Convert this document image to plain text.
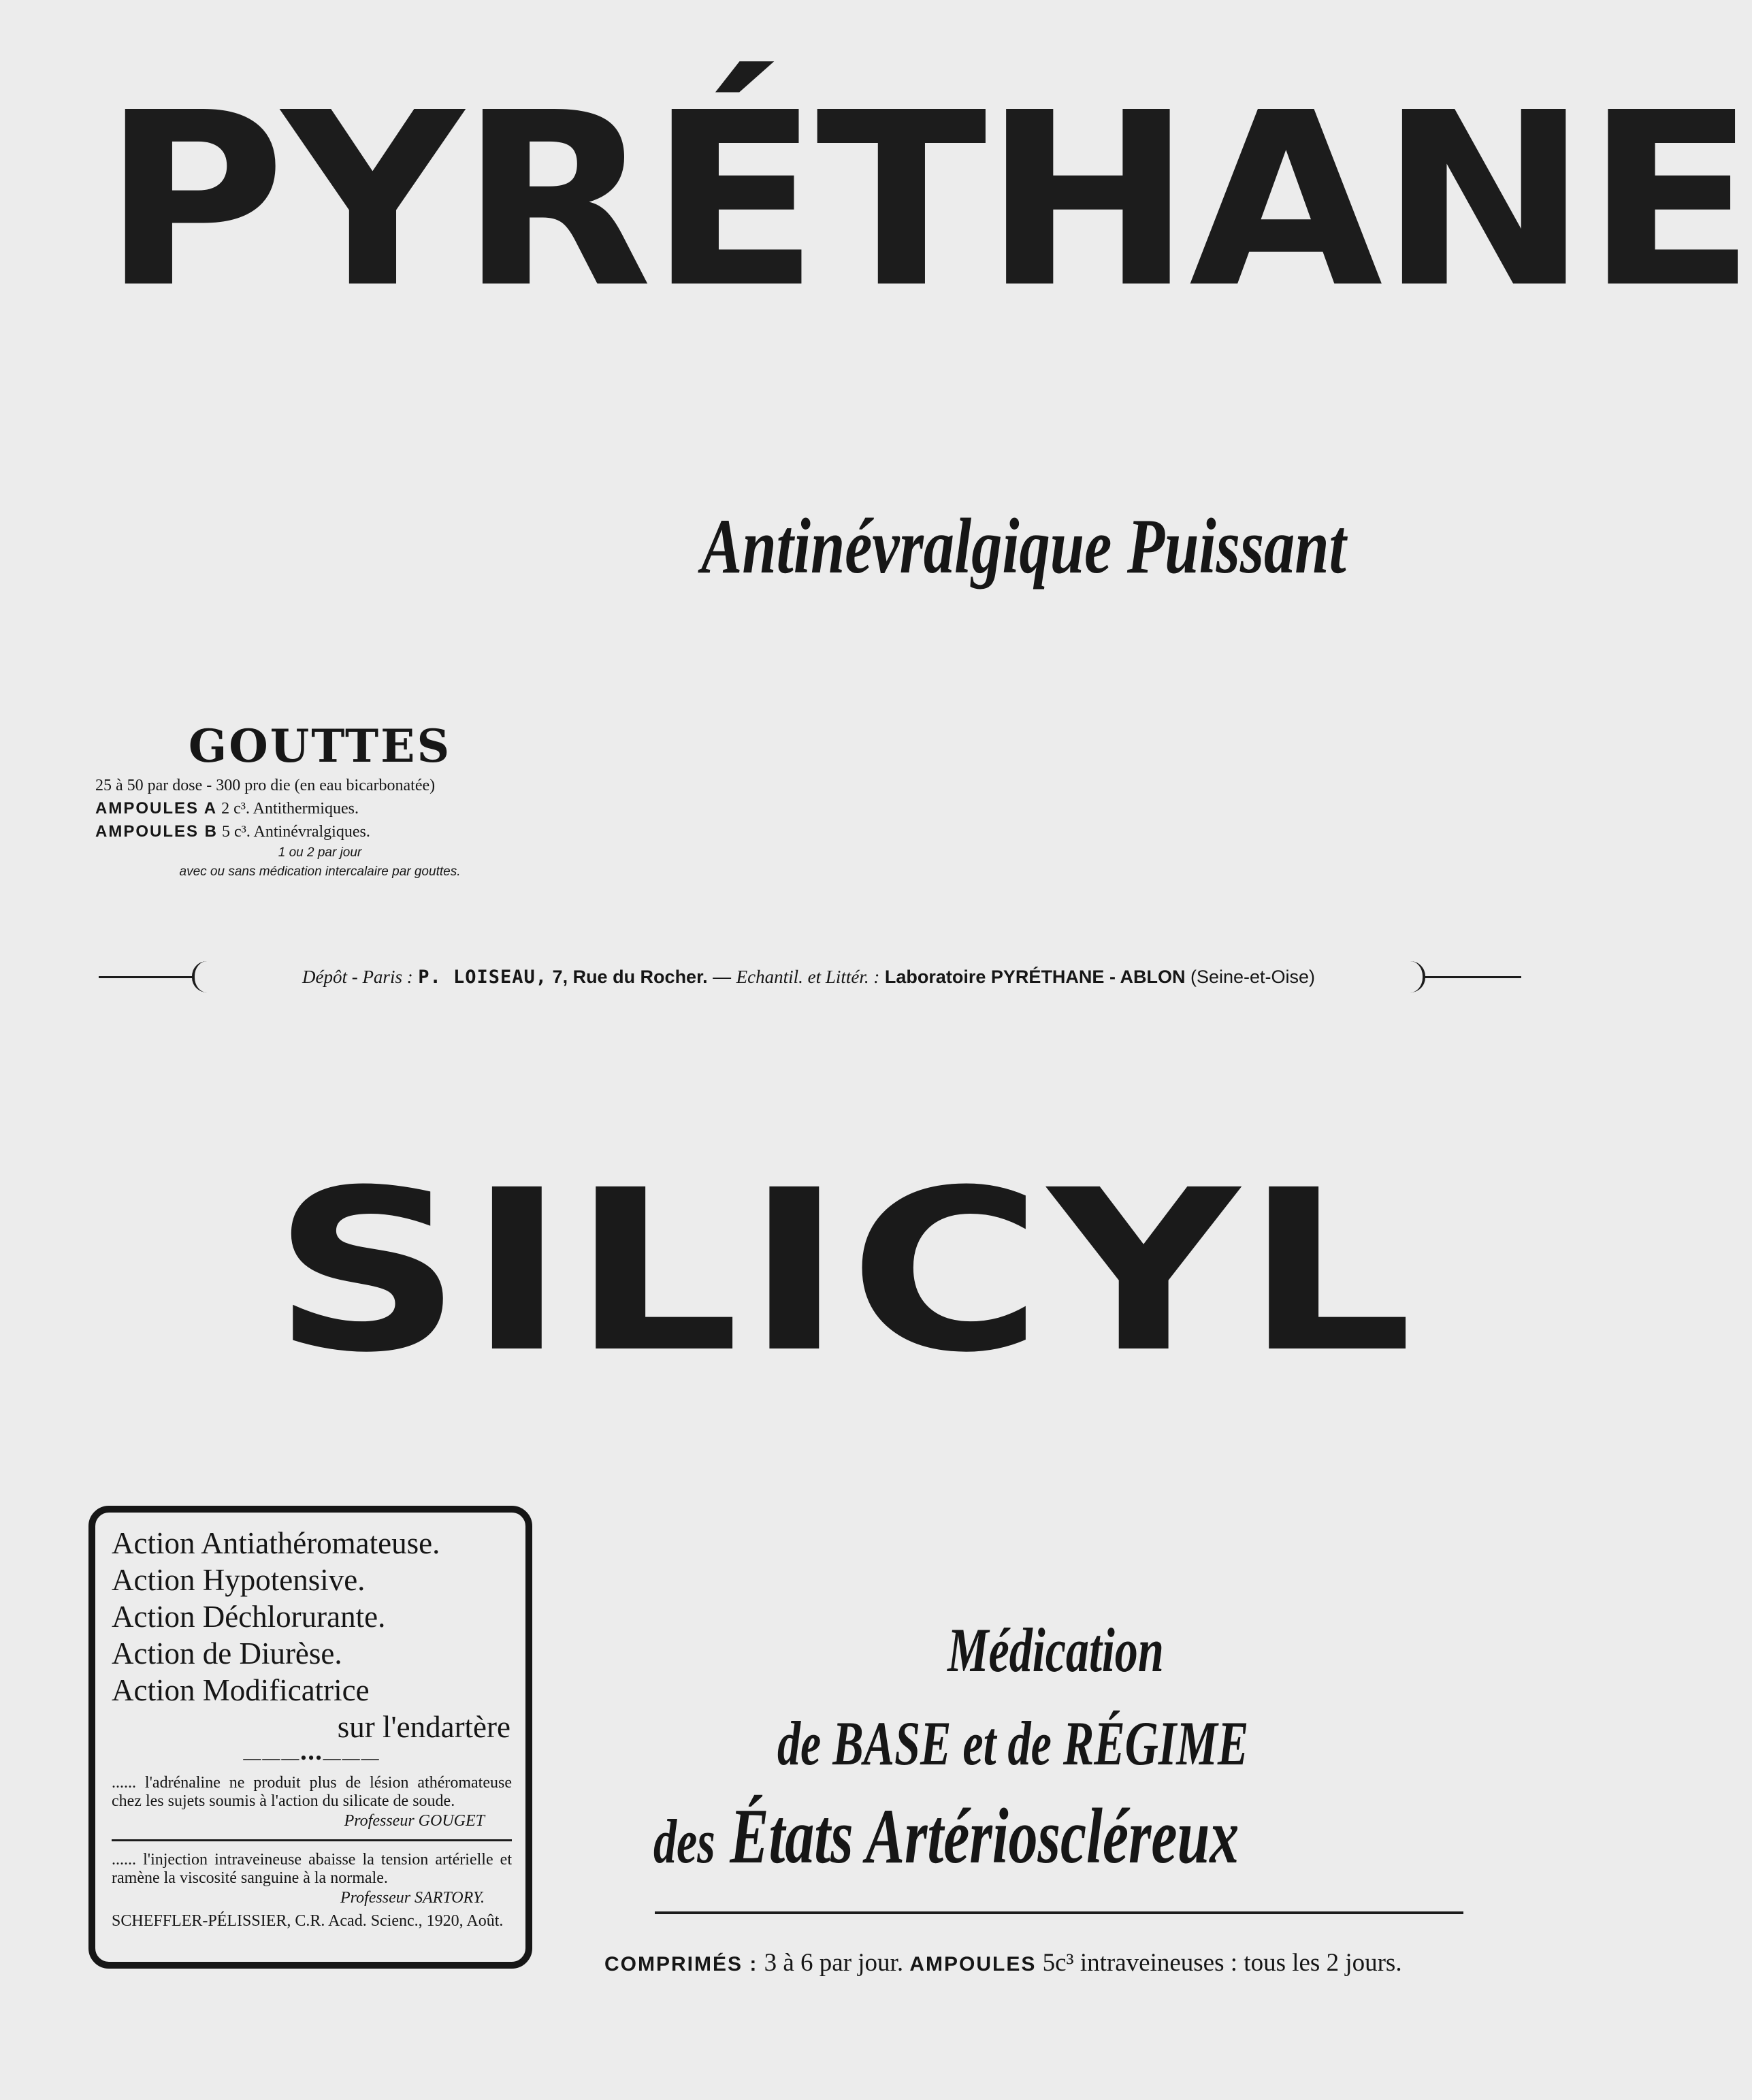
PYRÉTHANE
Antinévralgique Puissant
GOUTTES
25 à 50 par dose - 300 pro die (en eau bicarbonatée)
AMPOULES A 2 c³. Antithermiques.
AMPOULES B 5 c³. Antinévralgiques.
1 ou 2 par jour
avec ou sans médication intercalaire par gouttes.
Dépôt - Paris : P. LOISEAU, 7, Rue du Rocher. — Echantil. et Littér. : Laboratoire PYRÉTHANE - ABLON (Seine-et-Oise)
SILICYL
Action Antiathéromateuse.
Action Hypotensive.
Action Déchlorurante.
Action de Diurèse.
Action Modificatrice
sur l'endartère
———•••———
...... l'adrénaline ne produit plus de lésion athéromateuse chez les sujets soumis à l'action du silicate de soude.
Professeur GOUGET
...... l'injection intraveineuse abaisse la tension artérielle et ramène la viscosité sanguine à la normale.
Professeur SARTORY.
SCHEFFLER-PÉLISSIER, C.R. Acad. Scienc., 1920, Août.
Médication
de BASE et de RÉGIME
des États Artérioscléreux
COMPRIMÉS : 3 à 6 par jour. AMPOULES 5c³ intraveineuses : tous les 2 jours.
